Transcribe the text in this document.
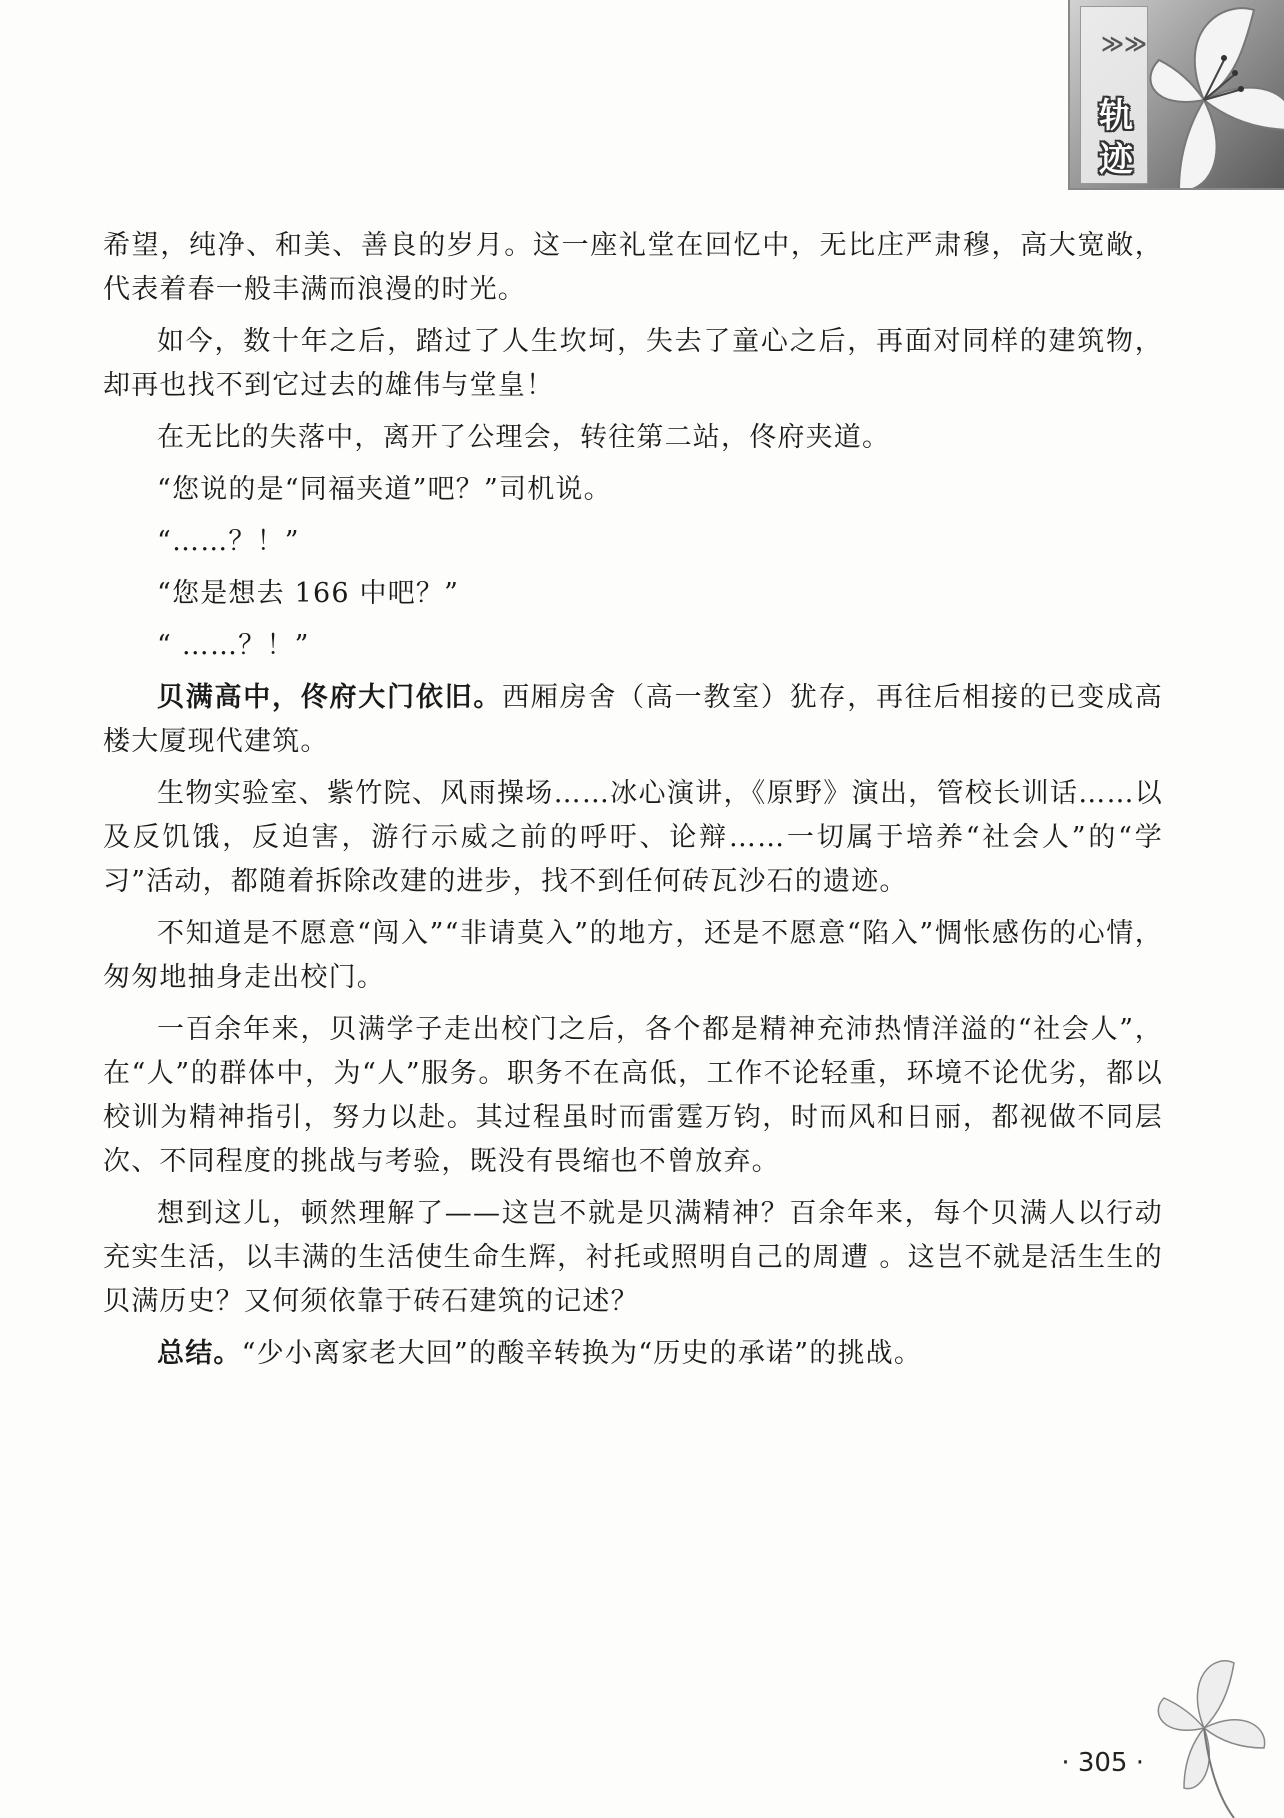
≫≫
轨迹

希望，纯净、和美、善良的岁月。这一座礼堂在回忆中，无比庄严肃穆，高大宽敞，代表着春一般丰满而浪漫的时光。

如今，数十年之后，踏过了人生坎坷，失去了童心之后，再面对同样的建筑物，却再也找不到它过去的雄伟与堂皇！

在无比的失落中，离开了公理会，转往第二站，佟府夹道。

“您说的是“同福夹道”吧？”司机说。

“……？！”

“您是想去 166 中吧？”

“ ……？！”

贝满高中，佟府大门依旧。西厢房舍（高一教室）犹存，再往后相接的已变成高楼大厦现代建筑。

生物实验室、紫竹院、风雨操场……冰心演讲，《原野》演出，管校长训话……以及反饥饿，反迫害，游行示威之前的呼吁、论辩……一切属于培养“社会人”的“学习”活动，都随着拆除改建的进步，找不到任何砖瓦沙石的遗迹。

不知道是不愿意“闯入”“非请莫入”的地方，还是不愿意“陷入”惆怅感伤的心情，匆匆地抽身走出校门。

一百余年来，贝满学子走出校门之后，各个都是精神充沛热情洋溢的“社会人”，在“人”的群体中，为“人”服务。职务不在高低，工作不论轻重，环境不论优劣，都以校训为精神指引，努力以赴。其过程虽时而雷霆万钧，时而风和日丽，都视做不同层次、不同程度的挑战与考验，既没有畏缩也不曾放弃。

想到这儿，顿然理解了——这岂不就是贝满精神？百余年来，每个贝满人以行动充实生活，以丰满的生活使生命生辉，衬托或照明自己的周遭 。这岂不就是活生生的贝满历史？又何须依靠于砖石建筑的记述？

总结。“少小离家老大回”的酸辛转换为“历史的承诺”的挑战。

· 305 ·
